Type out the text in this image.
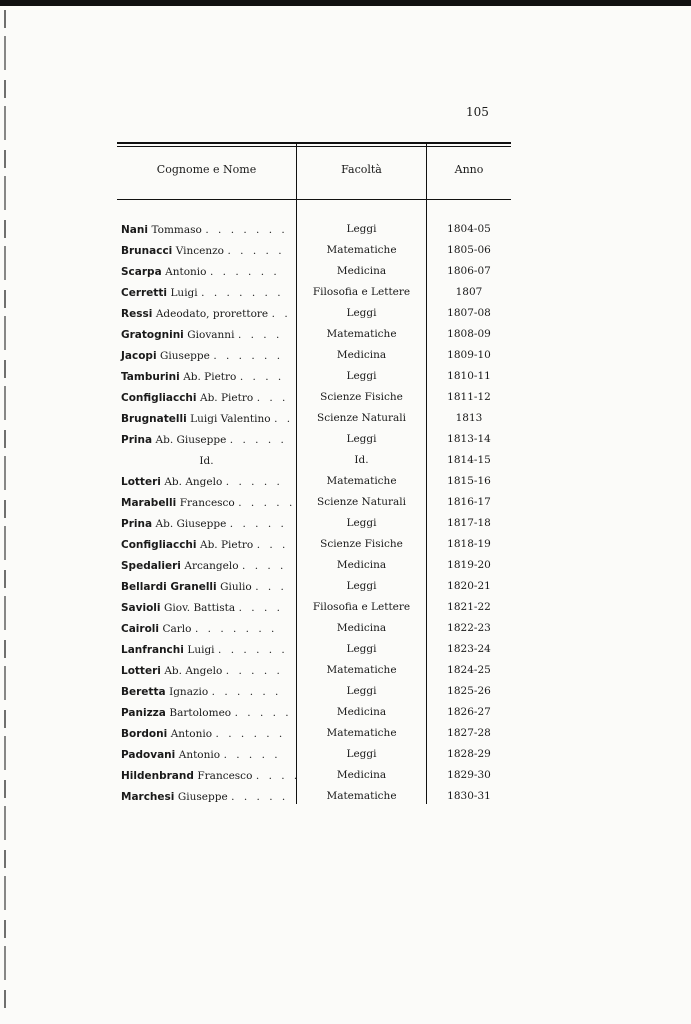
105
Cognome e Nome	Facoltà	Anno
Nani Tommaso . . . . . . .	Leggi	1804-05
Brunacci Vincenzo . . . . .	Matematiche	1805-06
Scarpa Antonio . . . . . .	Medicina	1806-07
Cerretti Luigi . . . . . . .	Filosofia e Lettere	1807
Ressi Adeodato, prorettore . .	Leggi	1807-08
Gratognini Giovanni . . . .	Matematiche	1808-09
Jacopi Giuseppe . . . . . .	Medicina	1809-10
Tamburini Ab. Pietro . . . .	Leggi	1810-11
Configliacchi Ab. Pietro . . .	Scienze Fisiche	1811-12
Brugnatelli Luigi Valentino . .	Scienze Naturali	1813
Prina Ab. Giuseppe . . . . .	Leggi	1813-14
Id.	Id.	1814-15
Lotteri Ab. Angelo . . . . .	Matematiche	1815-16
Marabelli Francesco . . . . .	Scienze Naturali	1816-17
Prina Ab. Giuseppe . . . . .	Leggi	1817-18
Configliacchi Ab. Pietro . . .	Scienze Fisiche	1818-19
Spedalieri Arcangelo . . . .	Medicina	1819-20
Bellardi Granelli Giulio . . .	Leggi	1820-21
Savioli Giov. Battista . . . .	Filosofia e Lettere	1821-22
Cairoli Carlo . . . . . . .	Medicina	1822-23
Lanfranchi Luigi . . . . . .	Leggi	1823-24
Lotteri Ab. Angelo . . . . .	Matematiche	1824-25
Beretta Ignazio . . . . . .	Leggi	1825-26
Panizza Bartolomeo . . . . .	Medicina	1826-27
Bordoni Antonio . . . . . .	Matematiche	1827-28
Padovani Antonio . . . . .	Leggi	1828-29
Hildenbrand Francesco . . . .	Medicina	1829-30
Marchesi Giuseppe . . . . .	Matematiche	1830-31
